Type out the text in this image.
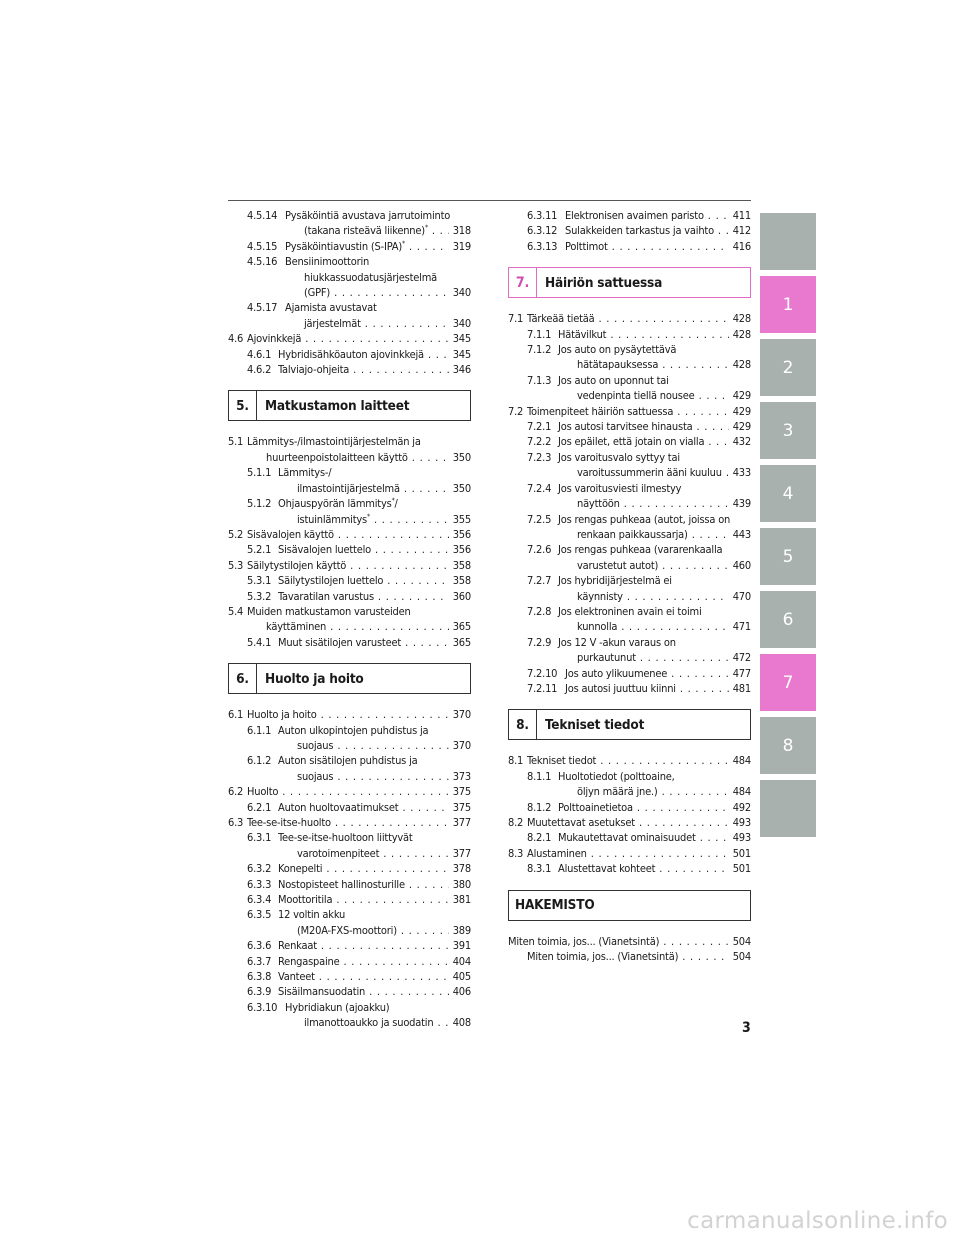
4.5.14 Pysäköintiä avustava jarrutoiminto
(takana risteävä liikenne)* . . . 318
4.5.15 Pysäköintiavustin (S-IPA)* . . .	319
4.5.16 Bensiinimoottorin
hiukkassuodatusjärjestelmä
(GPF) . . .	340
4.5.17 Ajamista avustavat
järjestelmät . . .	340
4.6 Ajovinkkejä . . .	345
4.6.1 Hybridisähköauton ajovinkkejä . . .	345
4.6.2 Talviajo-ohjeita . . .	346
5.	Matkustamon laitteet
5.1 Lämmitys-/ilmastointijärjestelmän ja
huurteenpoistolaitteen käyttö . . .	350
5.1.1 Lämmitys-/
ilmastointijärjestelmä . . .	350
5.1.2 Ohjauspyörän lämmitys*/
istuinlämmitys* . . .	355
5.2 Sisävalojen käyttö . . .	356
5.2.1 Sisävalojen luettelo . . .	356
5.3 Säilytystilojen käyttö . . .	358
5.3.1 Säilytystilojen luettelo . . .	358
5.3.2 Tavaratilan varustus . . .	360
5.4 Muiden matkustamon varusteiden
käyttäminen . . .	365
5.4.1 Muut sisätilojen varusteet . . .	365
6.	Huolto ja hoito
6.1 Huolto ja hoito . . .	370
6.1.1 Auton ulkopintojen puhdistus ja
suojaus . . .	370
6.1.2 Auton sisätilojen puhdistus ja
suojaus . . .	373
6.2 Huolto . . .	375
6.2.1 Auton huoltovaatimukset . . .	375
6.3 Tee-se-itse-huolto . . .	377
6.3.1 Tee-se-itse-huoltoon liittyvät
varotoimenpiteet . . .	377
6.3.2 Konepelti . . .	378
6.3.3 Nostopisteet hallinosturille . . .	380
6.3.4 Moottoritila . . .	381
6.3.5 12 voltin akku
(M20A-FXS-moottori) . . .	389
6.3.6 Renkaat . . .	391
6.3.7 Rengaspaine . . .	404
6.3.8 Vanteet . . .	405
6.3.9 Sisäilmansuodatin . . .	406
6.3.10 Hybridiakun (ajoakku)
ilmanottoaukko ja suodatin . . . 408
6.3.11 Elektronisen avaimen paristo . . .	411
6.3.12 Sulakkeiden tarkastus ja vaihto . . . 412
6.3.13 Polttimot . . .	416
7.	Häiriön sattuessa
7.1 Tärkeää tietää . . .	428
7.1.1 Hätävilkut . . .	428
7.1.2 Jos auto on pysäytettävä
hätätapauksessa . . .	428
7.1.3 Jos auto on uponnut tai
vedenpinta tiellä nousee . . .	429
7.2 Toimenpiteet häiriön sattuessa . . .	429
7.2.1 Jos autosi tarvitsee hinausta . . .	429
7.2.2 Jos epäilet, että jotain on vialla . . .	432
7.2.3 Jos varoitusvalo syttyy tai
varoitussummerin ääni kuuluu . . . 433
7.2.4 Jos varoitusviesti ilmestyy
näyttöön . . .	439
7.2.5 Jos rengas puhkeaa (autot, joissa on
renkaan paikkaussarja) . . .	443
7.2.6 Jos rengas puhkeaa (vararenkaalla
varustetut autot) . . .	460
7.2.7 Jos hybridijärjestelmä ei
käynnisty . . .	470
7.2.8 Jos elektroninen avain ei toimi
kunnolla . . .	471
7.2.9 Jos 12 V -akun varaus on
purkautunut . . .	472
7.2.10 Jos auto ylikuumenee . . .	477
7.2.11 Jos autosi juuttuu kiinni . . .	481
8.	Tekniset tiedot
8.1 Tekniset tiedot . . .	484
8.1.1 Huoltotiedot (polttoaine,
öljyn määrä jne.) . . .	484
8.1.2 Polttoainetietoa . . .	492
8.2 Muutettavat asetukset . . .	493
8.2.1 Mukautettavat ominaisuudet . . .	493
8.3 Alustaminen . . .	501
8.3.1 Alustettavat kohteet . . .	501
HAKEMISTO
Miten toimia, jos... (Vianetsintä) . . .	504
Miten toimia, jos... (Vianetsintä) . . .	504
1
2
3
4
5
6
7
8
3
carmanualsonline.info
